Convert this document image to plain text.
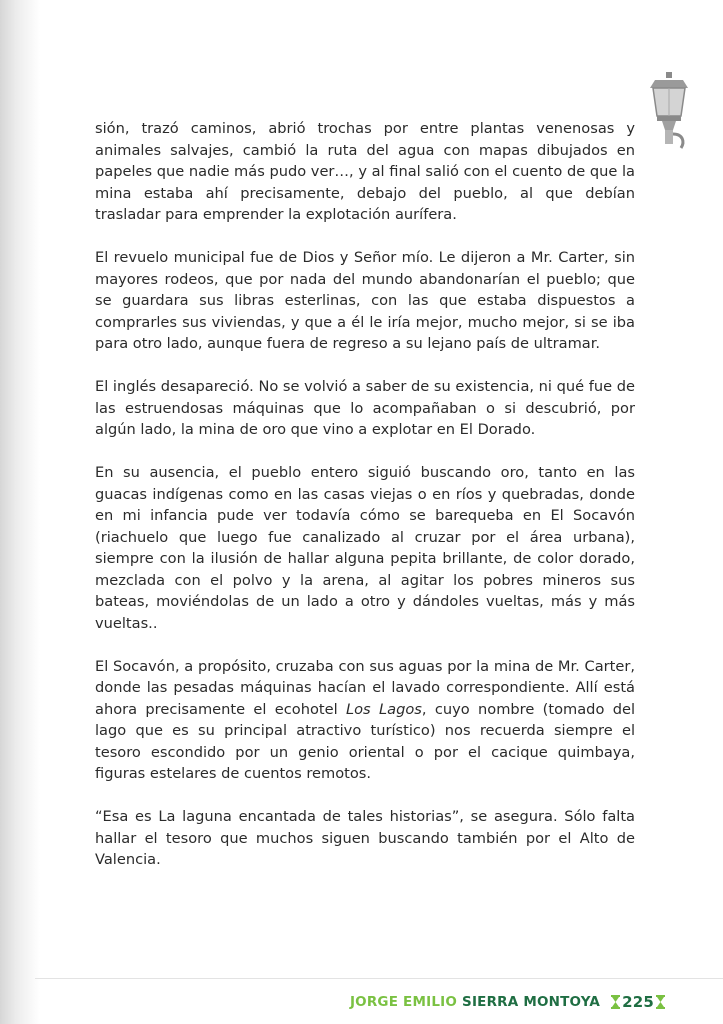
sión, trazó caminos, abrió trochas por entre plantas venenosas y animales salvajes, cambió la ruta del agua con mapas dibujados en papeles que nadie más pudo ver…, y al final salió con el cuento de que la mina estaba ahí precisamente, debajo del pueblo, al que debían trasladar para emprender la explotación aurífera.

El revuelo municipal fue de Dios y Señor mío. Le dijeron a Mr. Carter, sin mayores rodeos, que por nada del mundo abandonarían el pueblo; que se guardara sus libras esterlinas, con las que estaba dispuestos a comprarles sus viviendas, y que a él le iría mejor, mucho mejor, si se iba para otro lado, aunque fuera de regreso a su lejano país de ultramar.

El inglés desapareció. No se volvió a saber de su existencia, ni qué fue de las estruendosas máquinas que lo acompañaban o si descubrió, por algún lado, la mina de oro que vino a explotar en El Dorado.

En su ausencia, el pueblo entero siguió buscando oro, tanto en las guacas indígenas como en las casas viejas o en ríos y quebradas, donde en mi infancia pude ver todavía cómo se barequeba en El Socavón (riachuelo que luego fue canalizado al cruzar por el área urbana), siempre con la ilusión de hallar alguna pepita brillante, de color dorado, mezclada con el polvo y la arena, al agitar los pobres mineros sus bateas, moviéndolas de un lado a otro y dándoles vueltas, más y más vueltas..

El Socavón, a propósito, cruzaba con sus aguas por la mina de Mr. Carter, donde las pesadas máquinas hacían el lavado correspondiente. Allí está ahora precisamente el ecohotel Los Lagos, cuyo nombre (tomado del lago que es su principal atractivo turístico) nos recuerda siempre el tesoro escondido por un genio oriental o por el cacique quimbaya, figuras estelares de cuentos remotos.

“Esa es La laguna encantada de tales historias”, se asegura. Sólo falta hallar el tesoro que muchos siguen buscando también por el Alto de Valencia.

JORGE EMILIO SIERRA MONTOYA 225
